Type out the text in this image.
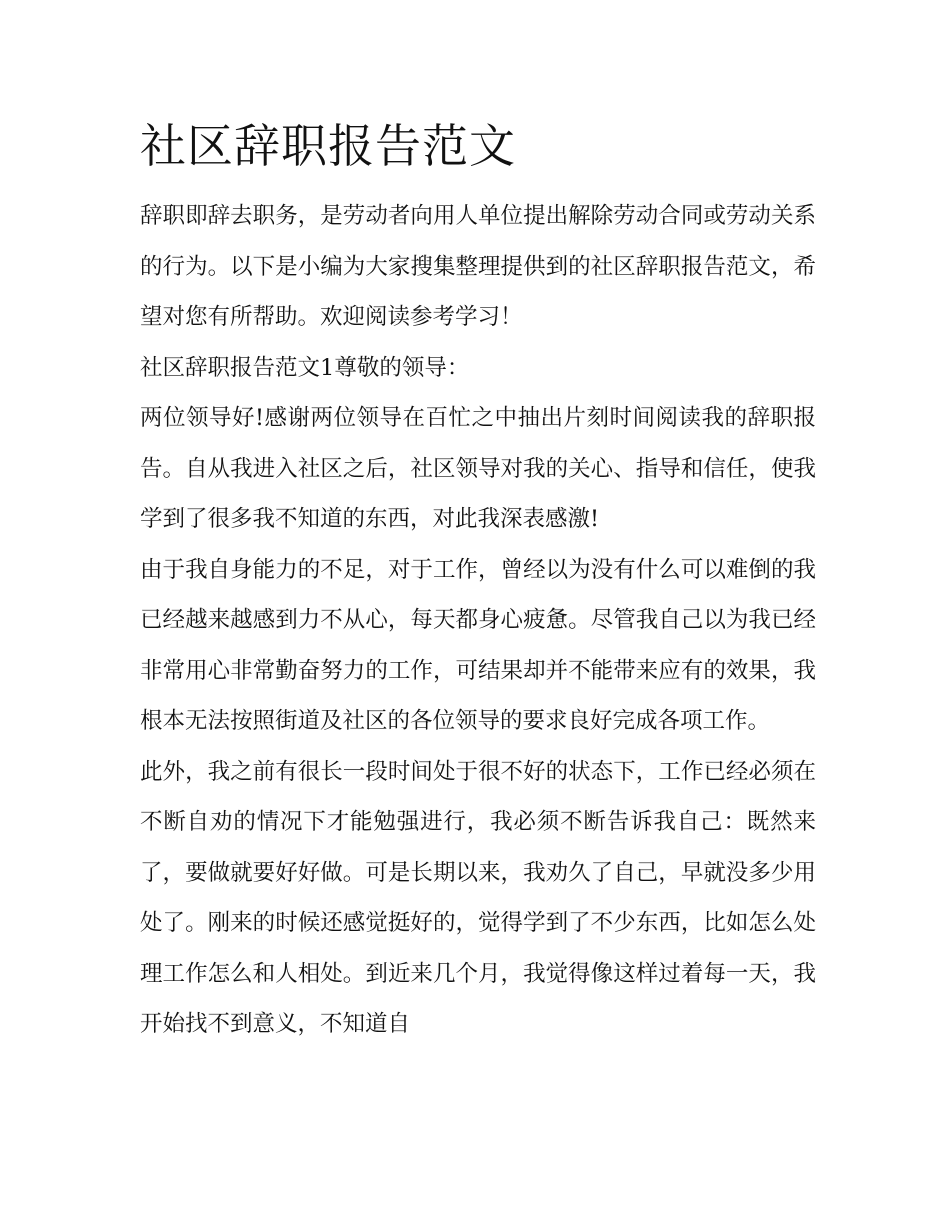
社区辞职报告范文

辞职即辞去职务，是劳动者向用人单位提出解除劳动合同或劳动关系的行为。以下是小编为大家搜集整理提供到的社区辞职报告范文，希望对您有所帮助。欢迎阅读参考学习！

社区辞职报告范文1尊敬的领导：

两位领导好!感谢两位领导在百忙之中抽出片刻时间阅读我的辞职报告。自从我进入社区之后，社区领导对我的关心、指导和信任，使我学到了很多我不知道的东西，对此我深表感激!

由于我自身能力的不足，对于工作，曾经以为没有什么可以难倒的我已经越来越感到力不从心，每天都身心疲惫。尽管我自己以为我已经非常用心非常勤奋努力的工作，可结果却并不能带来应有的效果，我根本无法按照街道及社区的各位领导的要求良好完成各项工作。

此外，我之前有很长一段时间处于很不好的状态下，工作已经必须在不断自劝的情况下才能勉强进行，我必须不断告诉我自己：既然来了，要做就要好好做。可是长期以来，我劝久了自己，早就没多少用处了。刚来的时候还感觉挺好的，觉得学到了不少东西，比如怎么处理工作怎么和人相处。到近来几个月，我觉得像这样过着每一天，我开始找不到意义，不知道自
